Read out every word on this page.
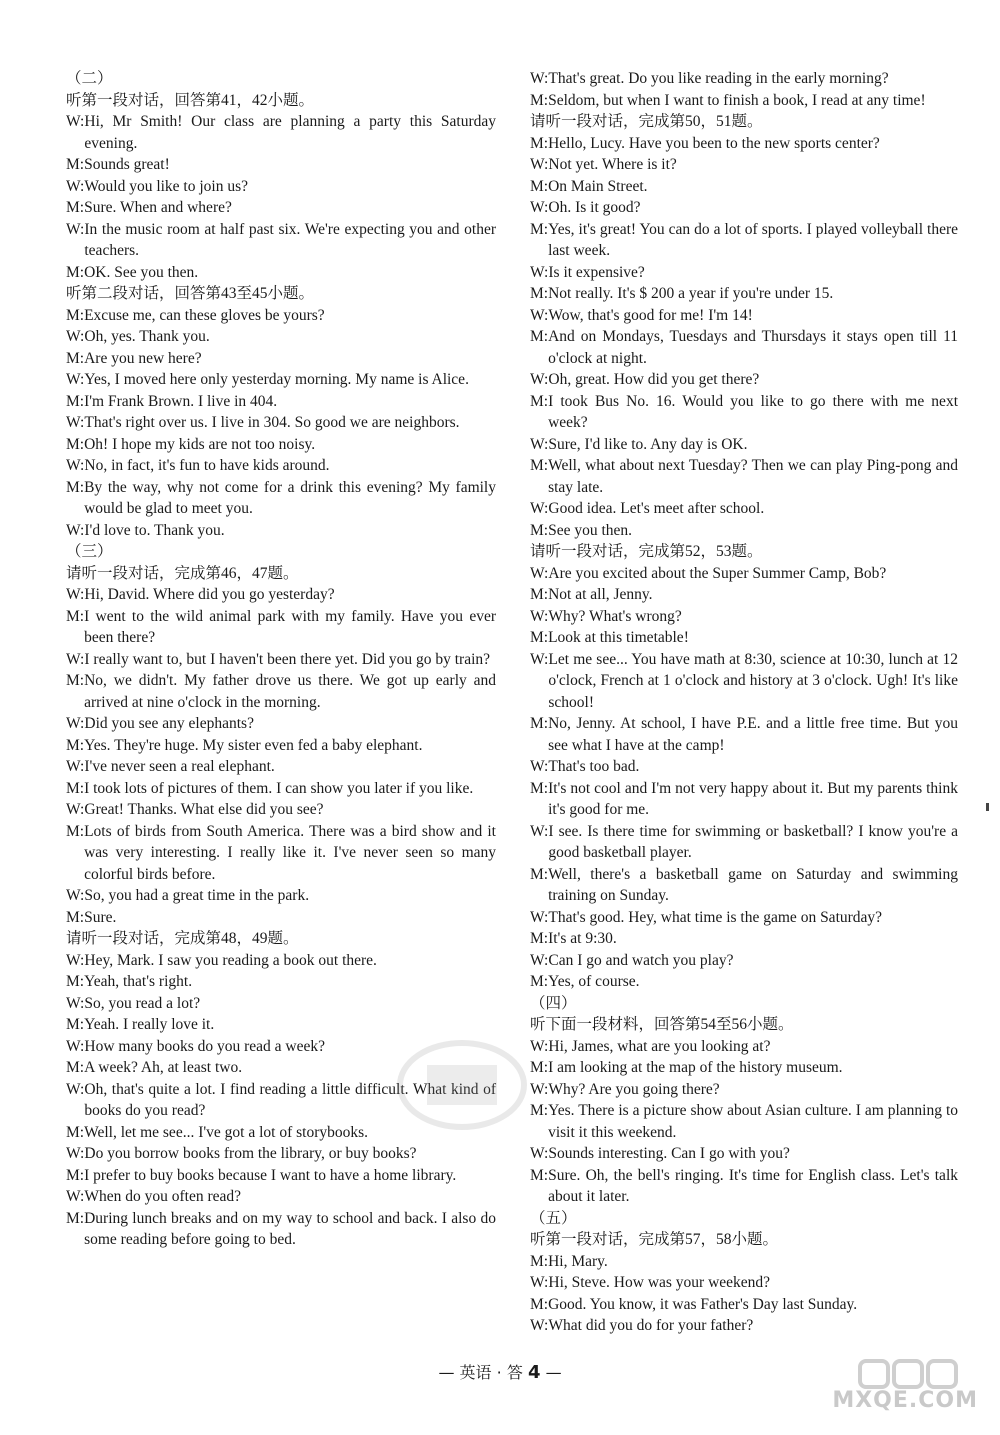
（二）
听第一段对话，回答第41，42小题。
W: Hi, Mr Smith! Our class are planning a party this Saturday evening.
M: Sounds great!
W: Would you like to join us?
M: Sure. When and where?
W: In the music room at half past six. We're expecting you and other teachers.
M: OK. See you then.
听第二段对话，回答第43至45小题。
M: Excuse me, can these gloves be yours?
W: Oh, yes. Thank you.
M: Are you new here?
W: Yes, I moved here only yesterday morning. My name is Alice.
M: I'm Frank Brown. I live in 404.
W: That's right over us. I live in 304. So good we are neighbors.
M: Oh! I hope my kids are not too noisy.
W: No, in fact, it's fun to have kids around.
M: By the way, why not come for a drink this evening? My family would be glad to meet you.
W: I'd love to. Thank you.
（三）
请听一段对话，完成第46，47题。
W: Hi, David. Where did you go yesterday?
M: I went to the wild animal park with my family. Have you ever been there?
W: I really want to, but I haven't been there yet. Did you go by train?
M: No, we didn't. My father drove us there. We got up early and arrived at nine o'clock in the morning.
W: Did you see any elephants?
M: Yes. They're huge. My sister even fed a baby elephant.
W: I've never seen a real elephant.
M: I took lots of pictures of them. I can show you later if you like.
W: Great! Thanks. What else did you see?
M: Lots of birds from South America. There was a bird show and it was very interesting. I really like it. I've never seen so many colorful birds before.
W: So, you had a great time in the park.
M: Sure.
请听一段对话，完成第48，49题。
W: Hey, Mark. I saw you reading a book out there.
M: Yeah, that's right.
W: So, you read a lot?
M: Yeah. I really love it.
W: How many books do you read a week?
M: A week? Ah, at least two.
W: Oh, that's quite a lot. I find reading a little difficult. What kind of books do you read?
M: Well, let me see... I've got a lot of storybooks.
W: Do you borrow books from the library, or buy books?
M: I prefer to buy books because I want to have a home library.
W: When do you often read?
M: During lunch breaks and on my way to school and back. I also do some reading before going to bed.
W: That's great. Do you like reading in the early morning?
M: Seldom, but when I want to finish a book, I read at any time!
请听一段对话，完成第50，51题。
M: Hello, Lucy. Have you been to the new sports center?
W: Not yet. Where is it?
M: On Main Street.
W: Oh. Is it good?
M: Yes, it's great! You can do a lot of sports. I played volleyball there last week.
W: Is it expensive?
M: Not really. It's $ 200 a year if you're under 15.
W: Wow, that's good for me! I'm 14!
M: And on Mondays, Tuesdays and Thursdays it stays open till 11 o'clock at night.
W: Oh, great. How did you get there?
M: I took Bus No. 16. Would you like to go there with me next week?
W: Sure, I'd like to. Any day is OK.
M: Well, what about next Tuesday? Then we can play Ping-pong and stay late.
W: Good idea. Let's meet after school.
M: See you then.
请听一段对话，完成第52，53题。
W: Are you excited about the Super Summer Camp, Bob?
M: Not at all, Jenny.
W: Why? What's wrong?
M: Look at this timetable!
W: Let me see... You have math at 8:30, science at 10:30, lunch at 12 o'clock, French at 1 o'clock and history at 3 o'clock. Ugh! It's like school!
M: No, Jenny. At school, I have P.E. and a little free time. But you see what I have at the camp!
W: That's too bad.
M: It's not cool and I'm not very happy about it. But my parents think it's good for me.
W: I see. Is there time for swimming or basketball? I know you're a good basketball player.
M: Well, there's a basketball game on Saturday and swimming training on Sunday.
W: That's good. Hey, what time is the game on Saturday?
M: It's at 9:30.
W: Can I go and watch you play?
M: Yes, of course.
（四）
听下面一段材料，回答第54至56小题。
W: Hi, James, what are you looking at?
M: I am looking at the map of the history museum.
W: Why? Are you going there?
M: Yes. There is a picture show about Asian culture. I am planning to visit it this weekend.
W: Sounds interesting. Can I go with you?
M: Sure. Oh, the bell's ringing. It's time for English class. Let's talk about it later.
（五）
听第一段对话，完成第57，58小题。
M: Hi, Mary.
W: Hi, Steve. How was your weekend?
M: Good. You know, it was Father's Day last Sunday.
W: What did you do for your father?
— 英语 · 答 4 —
MXQE.COM
